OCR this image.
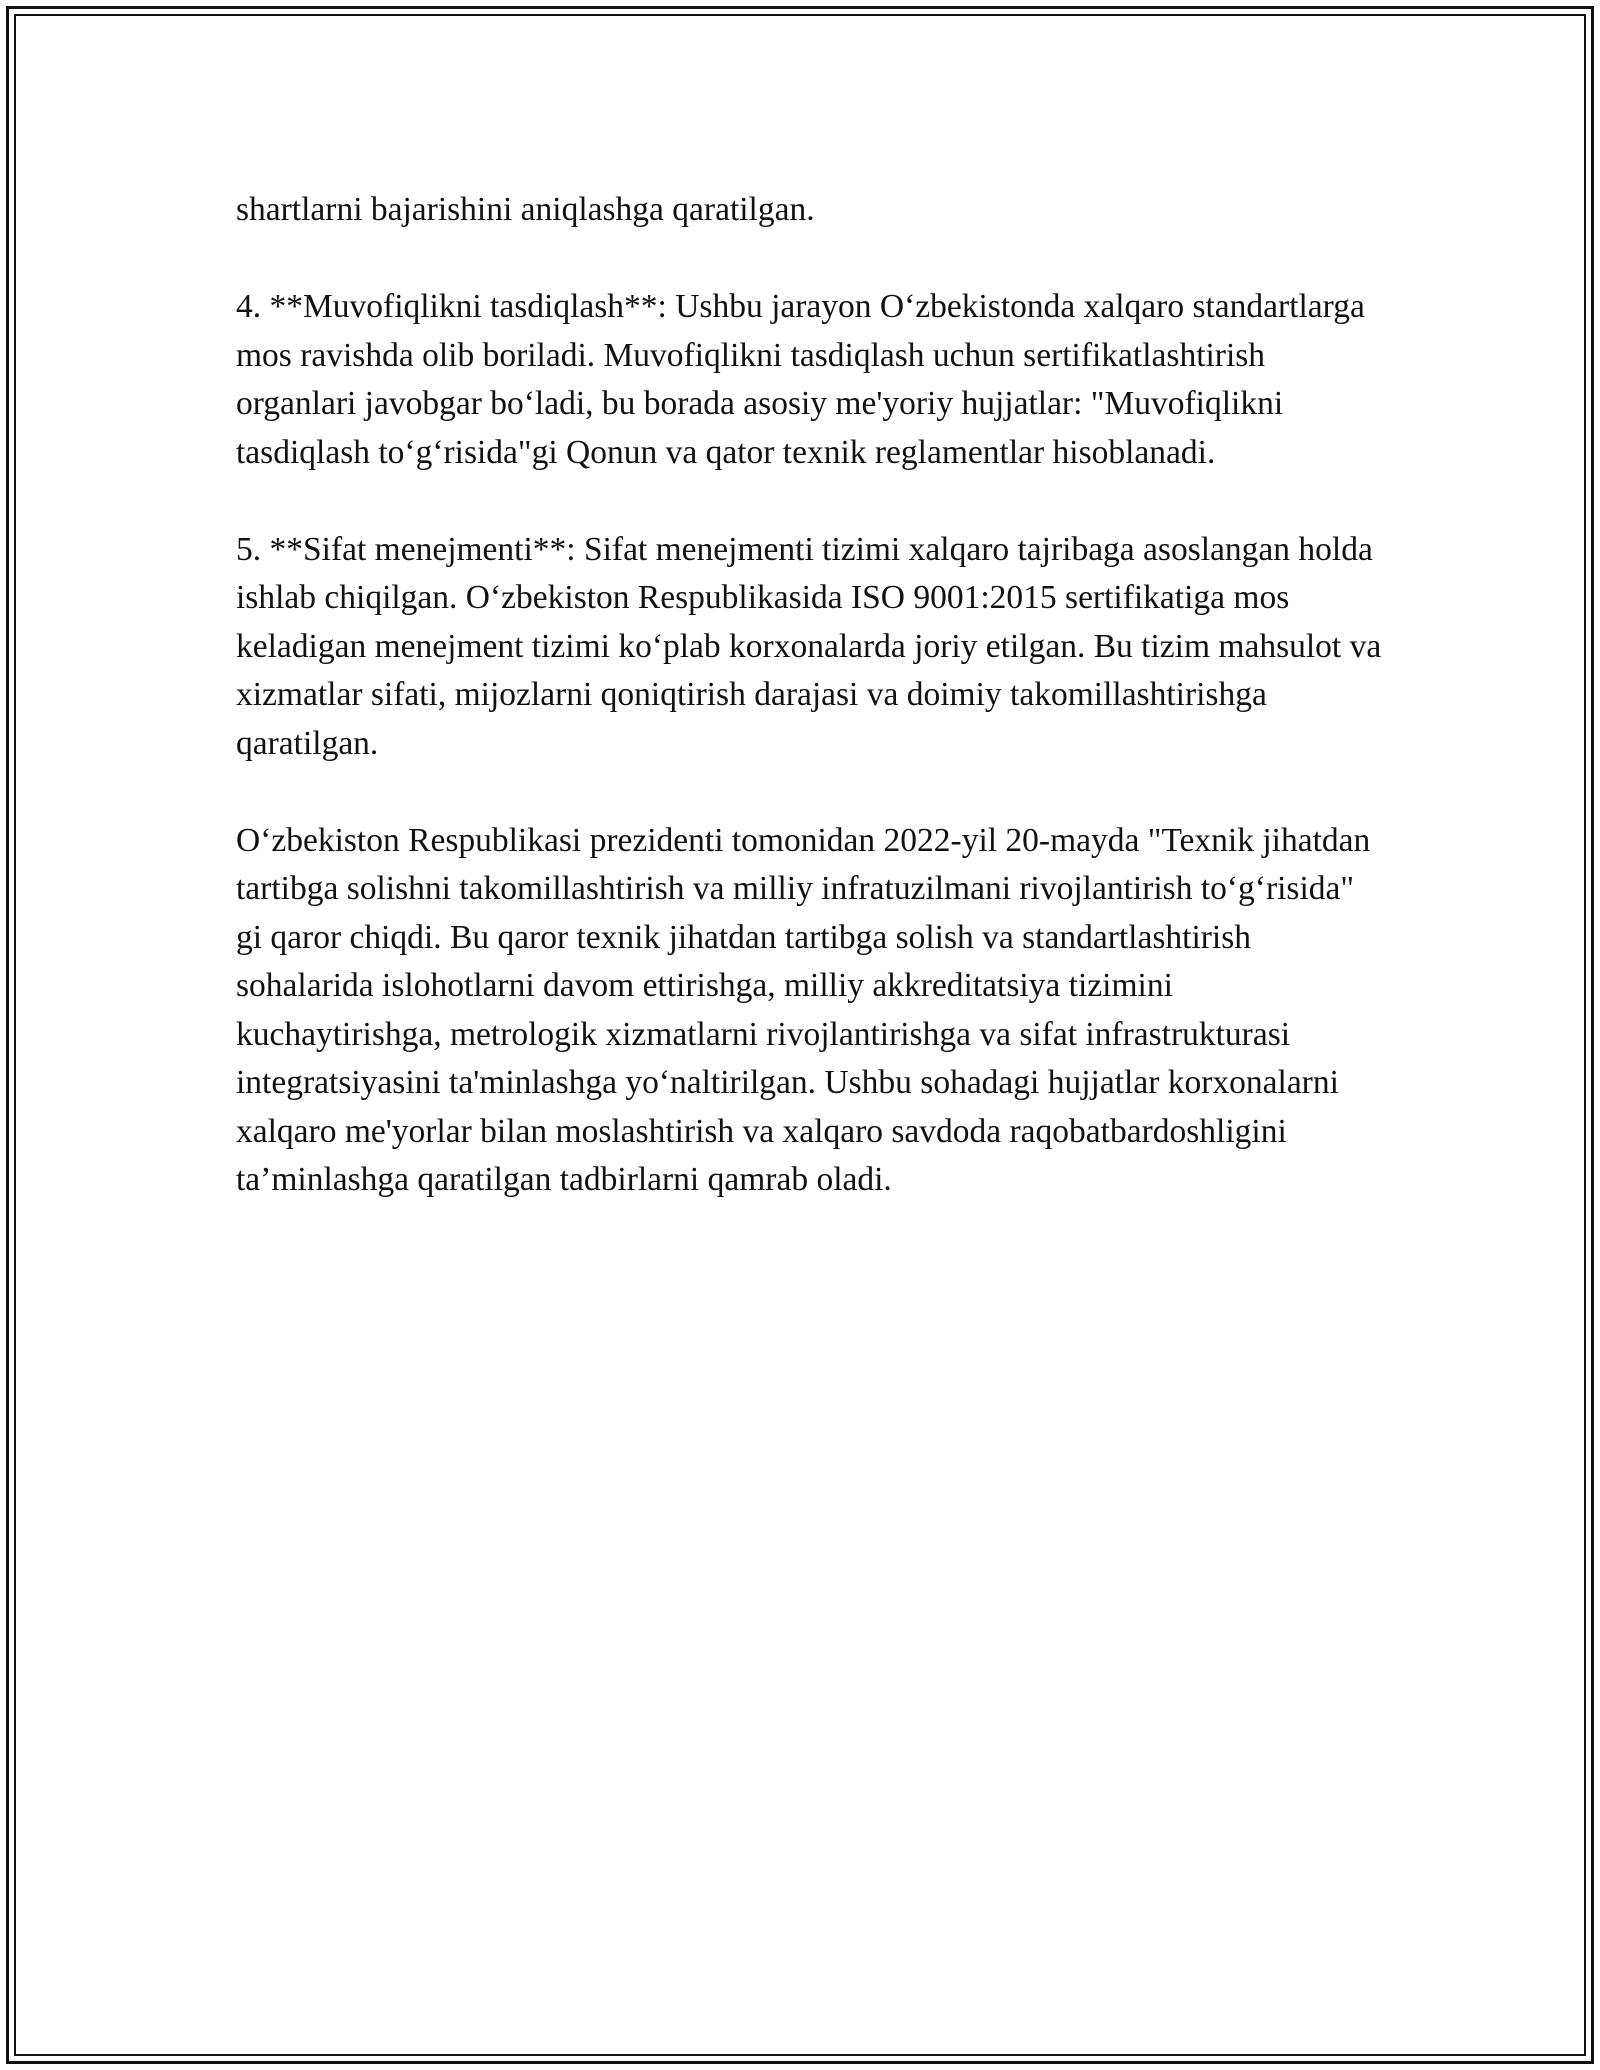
shartlarni bajarishini aniqlashga qaratilgan.

4. **Muvofiqlikni tasdiqlash**: Ushbu jarayon O‘zbekistonda xalqaro standartlarga mos ravishda olib boriladi. Muvofiqlikni tasdiqlash uchun sertifikatlashtirish organlari javobgar bo‘ladi, bu borada asosiy me'yoriy hujjatlar: "Muvofiqlikni tasdiqlash to‘g‘risida"gi Qonun va qator texnik reglamentlar hisoblanadi.

5. **Sifat menejmenti**: Sifat menejmenti tizimi xalqaro tajribaga asoslangan holda ishlab chiqilgan. O‘zbekiston Respublikasida ISO 9001:2015 sertifikatiga mos keladigan menejment tizimi ko‘plab korxonalarda joriy etilgan. Bu tizim mahsulot va xizmatlar sifati, mijozlarni qoniqtirish darajasi va doimiy takomillashtirishga qaratilgan.

O‘zbekiston Respublikasi prezidenti tomonidan 2022-yil 20-mayda "Texnik jihatdan tartibga solishni takomillashtirish va milliy infratuzilmani rivojlantirish to‘g‘risida" gi qaror chiqdi. Bu qaror texnik jihatdan tartibga solish va standartlashtirish sohalarida islohotlarni davom ettirishga, milliy akkreditatsiya tizimini kuchaytirishga, metrologik xizmatlarni rivojlantirishga va sifat infrastrukturasi integratsiyasini ta'minlashga yo‘naltirilgan. Ushbu sohadagi hujjatlar korxonalarni xalqaro me'yorlar bilan moslashtirish va xalqaro savdoda raqobatbardoshligini ta’minlashga qaratilgan tadbirlarni qamrab oladi.
